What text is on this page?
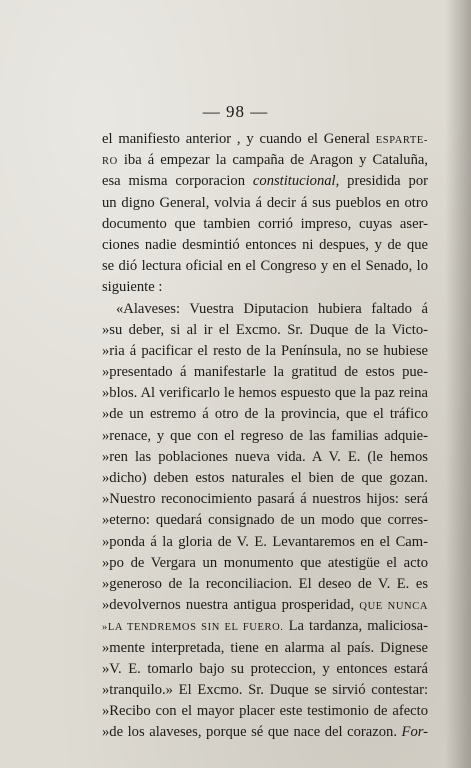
— 98 —
el manifiesto anterior , y cuando el General ESPARTE-
RO iba á empezar la campaña de Aragon y Cataluña,
esa misma corporacion constitucional, presidida por
un digno General, volvia á decir á sus pueblos en otro
documento que tambien corrió impreso, cuyas aser-
ciones nadie desmintió entonces ni despues, y de que
se dió lectura oficial en el Congreso y en el Senado, lo
siguiente :
«Alaveses: Vuestra Diputacion hubiera faltado á
»su deber, si al ir el Excmo. Sr. Duque de la Victo-
»ria á pacificar el resto de la Península, no se hubiese
»presentado á manifestarle la gratitud de estos pue-
»blos. Al verificarlo le hemos espuesto que la paz reina
»de un estremo á otro de la provincia, que el tráfico
»renace, y que con el regreso de las familias adquie-
»ren las poblaciones nueva vida. A V. E. (le hemos
»dicho) deben estos naturales el bien de que gozan.
»Nuestro reconocimiento pasará á nuestros hijos: será
»eterno: quedará consignado de un modo que corres-
»ponda á la gloria de V. E. Levantaremos en el Cam-
»po de Vergara un monumento que atestigüe el acto
»generoso de la reconciliacion. El deseo de V. E. es
»devolvernos nuestra antigua prosperidad, QUE NUNCA
»LA TENDREMOS SIN EL FUERO. La tardanza, maliciosa-
»mente interpretada, tiene en alarma al país. Dignese
»V. E. tomarlo bajo su proteccion, y entonces estará
»tranquilo.» El Excmo. Sr. Duque se sirvió contestar:
»Recibo con el mayor placer este testimonio de afecto
»de los alaveses, porque sé que nace del corazon. For-
